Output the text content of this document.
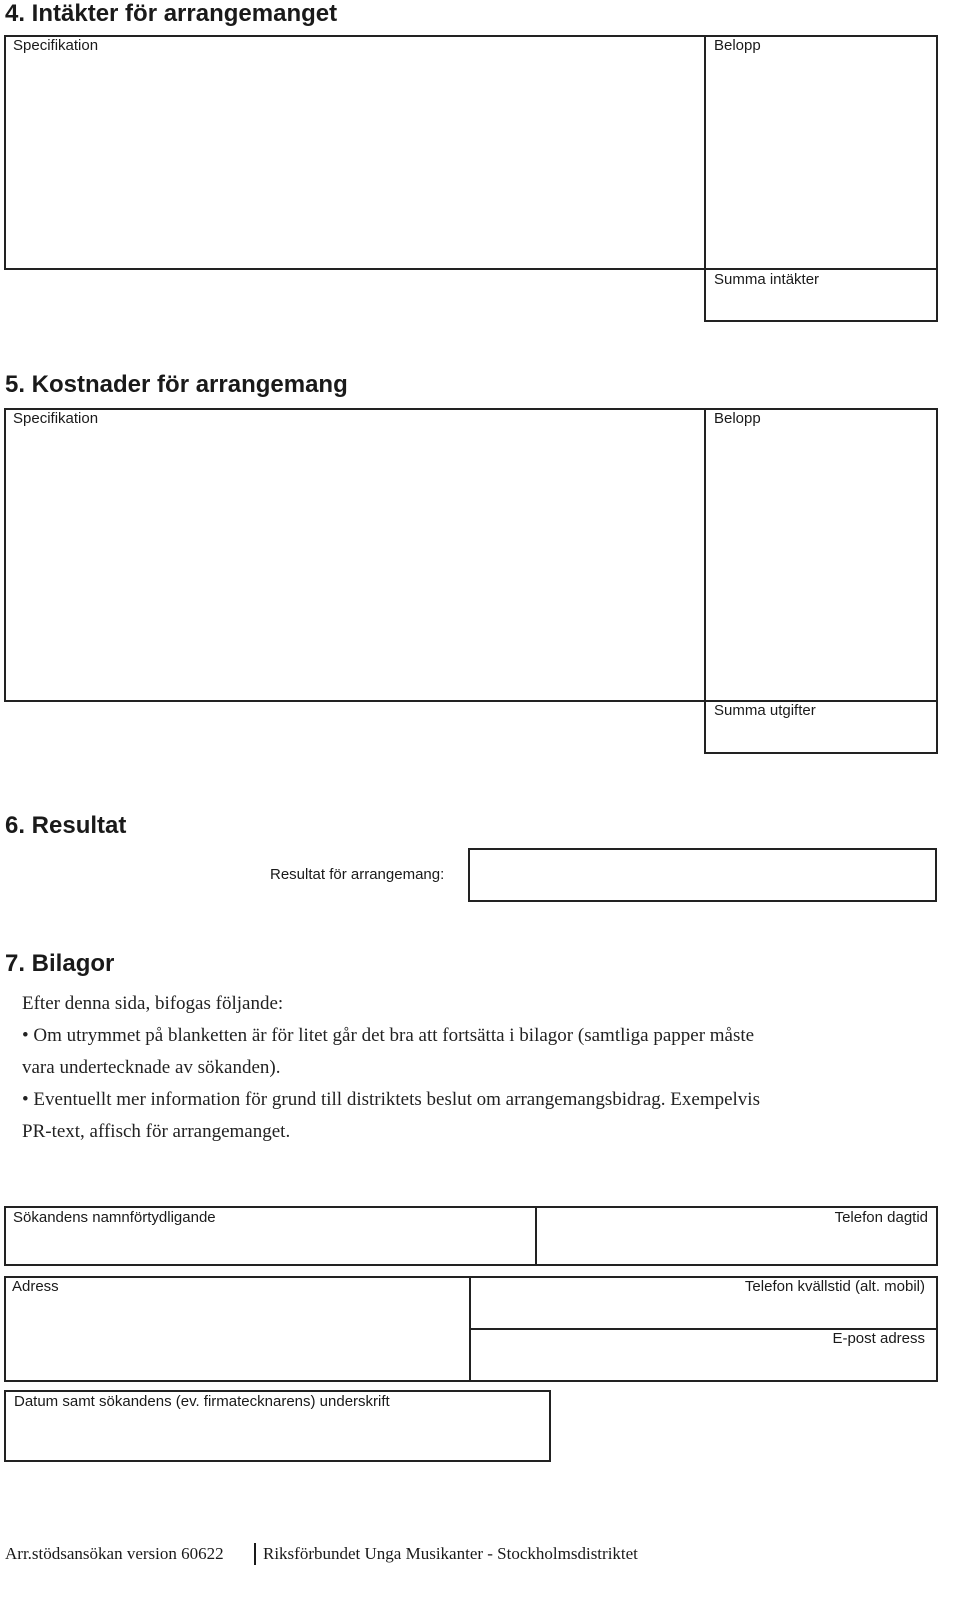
4. Intäkter för arrangemanget
Specifikation	Belopp
Summa intäkter
5. Kostnader för arrangemang
Specifikation	Belopp
Summa utgifter
6. Resultat
Resultat för arrangemang:
7. Bilagor
Efter denna sida, bifogas följande:
• Om utrymmet på blanketten är för litet går det bra att fortsätta i bilagor (samtliga papper måste
vara undertecknade av sökanden).
• Eventuellt mer information för grund till distriktets beslut om arrangemangsbidrag. Exempelvis
PR-text, affisch för arrangemanget.
Sökandens namnförtydligande	Telefon dagtid
Adress	Telefon kvällstid (alt. mobil)
E-post adress
Datum samt sökandens (ev. firmatecknarens) underskrift
Arr.stödsansökan version 60622 Riksförbundet Unga Musikanter - Stockholmsdistriktet
